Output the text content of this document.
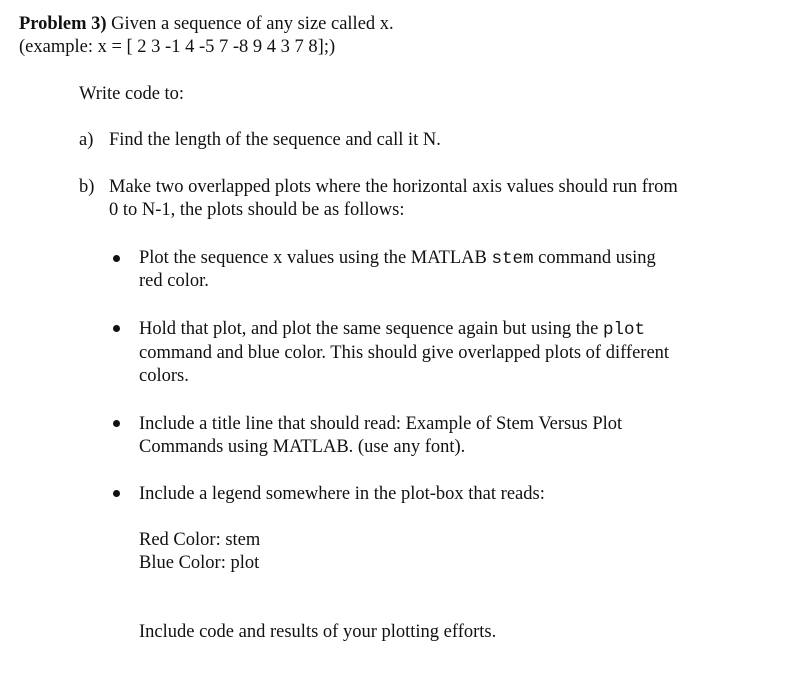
Problem 3) Given a sequence of any size called x.
(example: x = [ 2 3 -1 4 -5 7 -8 9 4 3 7 8];)
Write code to:
a) Find the length of the sequence and call it N.
b) Make two overlapped plots where the horizontal axis values should run from
0 to N-1, the plots should be as follows:
Plot the sequence x values using the MATLAB stem command using
red color.
Hold that plot, and plot the same sequence again but using the plot
command and blue color. This should give overlapped plots of different
colors.
Include a title line that should read: Example of Stem Versus Plot
Commands using MATLAB. (use any font).
Include a legend somewhere in the plot-box that reads:
Red Color: stem
Blue Color: plot
Include code and results of your plotting efforts.
